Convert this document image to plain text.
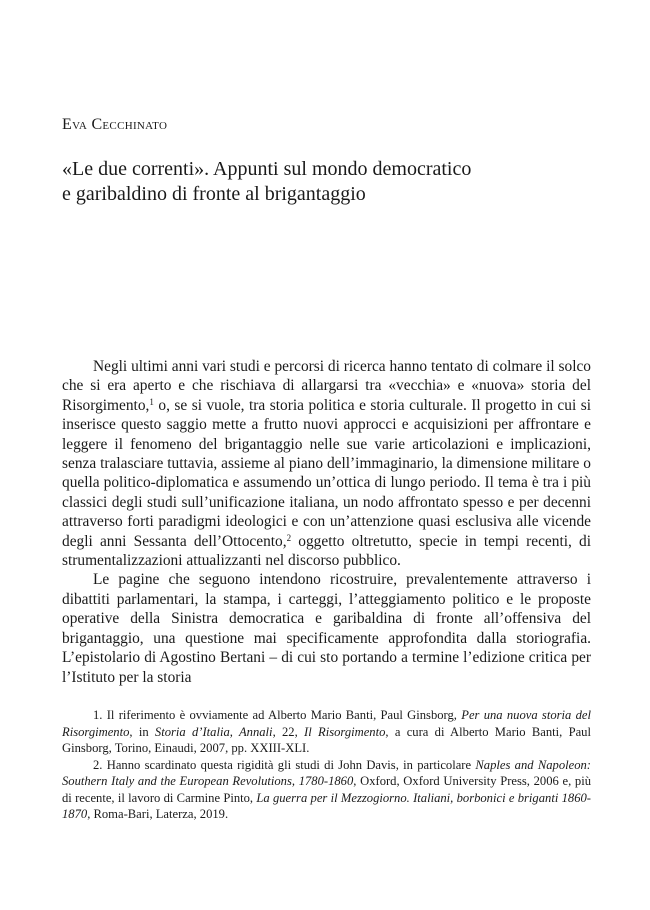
Eva Cecchinato
«Le due correnti». Appunti sul mondo democratico
e garibaldino di fronte al brigantaggio

Negli ultimi anni vari studi e percorsi di ricerca hanno tentato di colmare il solco che si era aperto e che rischiava di allargarsi tra «vecchia» e «nuova» storia del Risorgimento,$^1$ o, se si vuole, tra storia politica e storia culturale. Il progetto in cui si inserisce questo saggio mette a frutto nuovi approcci e acquisizioni per affrontare e leggere il fenomeno del brigantaggio nelle sue varie articolazioni e implicazioni, senza tralasciare tuttavia, assieme al piano dell’immaginario, la dimensione militare o quella politico-diplomatica e assumendo un’ottica di lungo periodo. Il tema è tra i più classici degli studi sull’unificazione italiana, un nodo affrontato spesso e per decenni attraverso forti paradigmi ideologici e con un’attenzione quasi esclusiva alle vicende degli anni Sessanta dell’Ottocento,$^2$ oggetto oltretutto, specie in tempi recenti, di strumentalizzazioni attualizzanti nel discorso pubblico.

Le pagine che seguono intendono ricostruire, prevalentemente attraverso i dibattiti parlamentari, la stampa, i carteggi, l’atteggiamento politico e le proposte operative della Sinistra democratica e garibaldina di fronte all’offensiva del brigantaggio, una questione mai specificamente approfondita dalla storiografia. L’epistolario di Agostino Bertani – di cui sto portando a termine l’edizione critica per l’Istituto per la storia

1. Il riferimento è ovviamente ad Alberto Mario Banti, Paul Ginsborg, Per una nuova storia del Risorgimento, in Storia d’Italia, Annali, 22, Il Risorgimento, a cura di Alberto Mario Banti, Paul Ginsborg, Torino, Einaudi, 2007, pp. XXIII-XLI.

2. Hanno scardinato questa rigidità gli studi di John Davis, in particolare Naples and Napoleon: Southern Italy and the European Revolutions, 1780-1860, Oxford, Oxford University Press, 2006 e, più di recente, il lavoro di Carmine Pinto, La guerra per il Mezzogiorno. Italiani, borbonici e briganti 1860-1870, Roma-Bari, Laterza, 2019.
